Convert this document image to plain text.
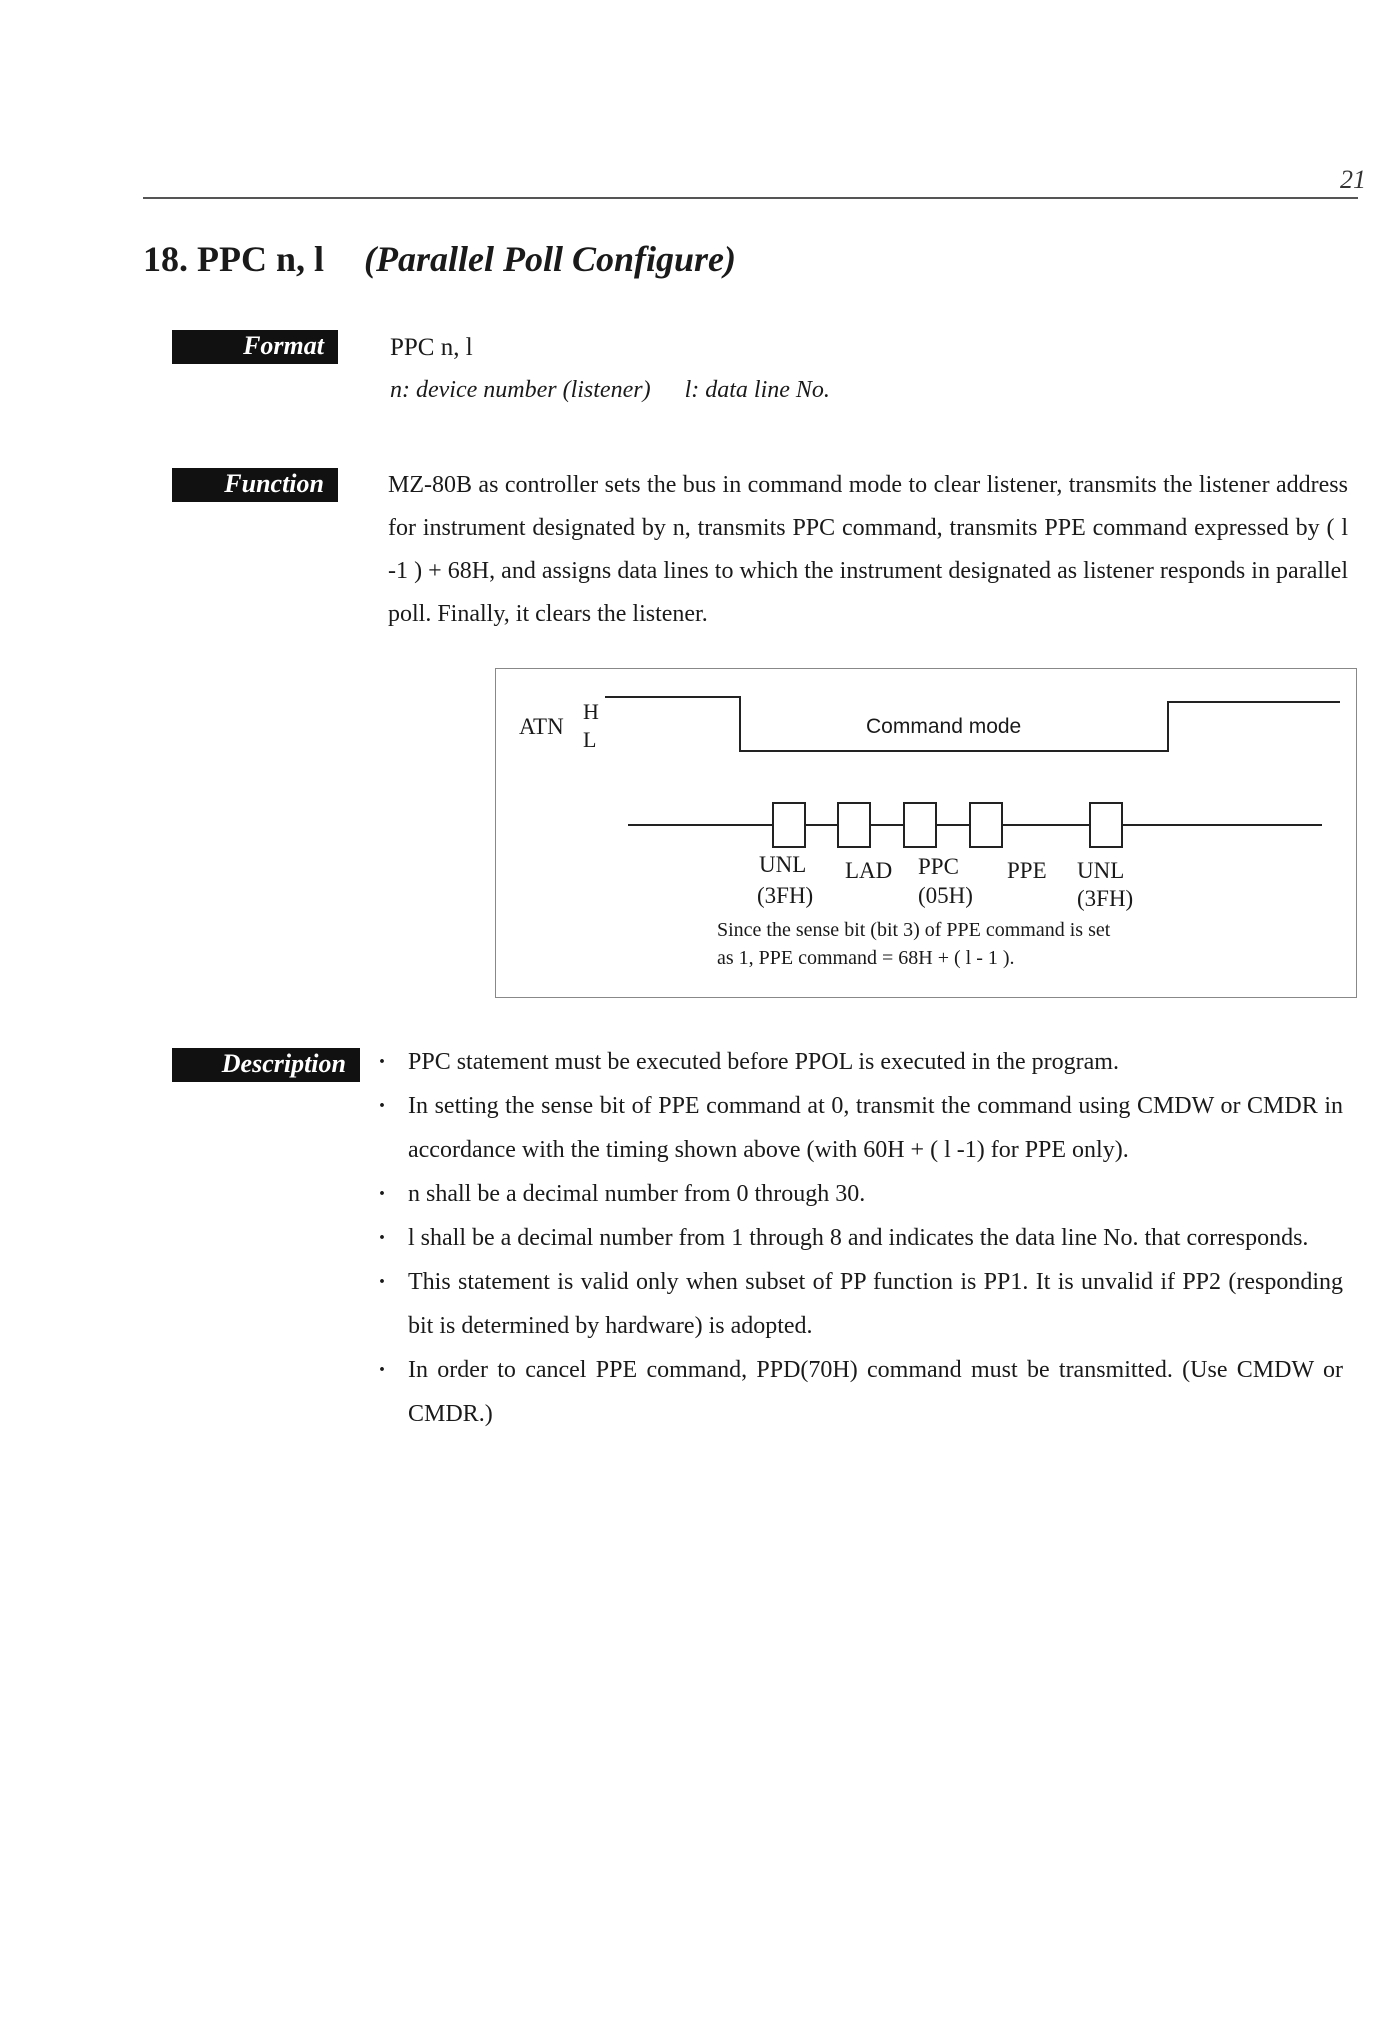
21
18. PPC n, l (Parallel Poll Configure)
Format	PPC n, l
n: device number (listener) l: data line No.
Function	MZ-80B as controller sets the bus in command mode to clear listener, transmits the listener address for instrument designated by n, transmits PPC command, transmits PPE command expressed by ( l -1 ) + 68H, and assigns data lines to which the instrument designated as listener responds in parallel poll. Finally, it clears the listener.
ATN
H
L
Command mode
UNL
(3FH)
LAD PPC
(05H)
PPE UNL
(3FH)
Since the sense bit (bit 3) of PPE command is set
as 1, PPE command = 68H + ( l - 1 ).
Description
·	PPC statement must be executed before PPOL is executed in the program.
· In setting the sense bit of PPE command at 0, transmit the command using CMDW or CMDR in accordance with the timing shown above (with 60H + ( l -1) for PPE only).
· n shall be a decimal number from 0 through 30.
· l shall be a decimal number from 1 through 8 and indicates the data line No. that corresponds.
· This statement is valid only when subset of PP function is PP1. It is unvalid if PP2 (responding bit is determined by hardware) is adopted.
· In order to cancel PPE command, PPD(70H) command must be transmitted. (Use CMDW or CMDR.)
